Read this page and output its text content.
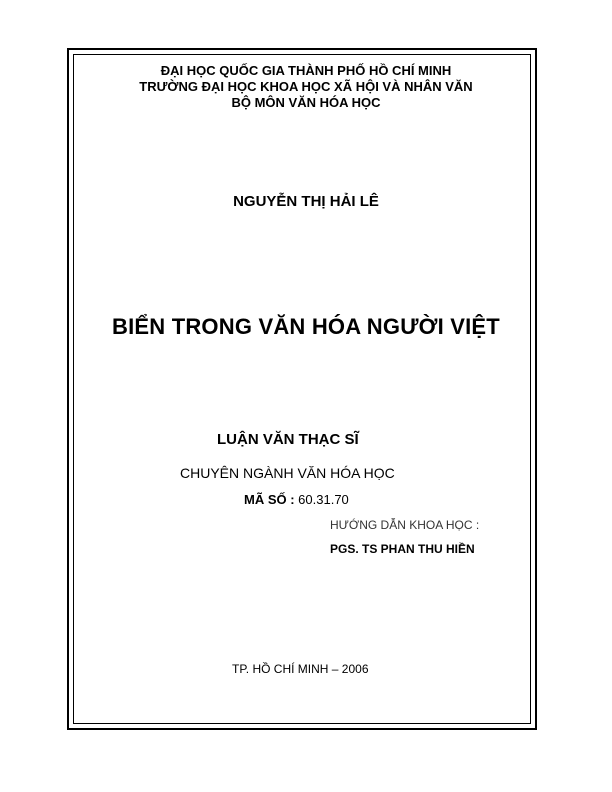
ĐẠI HỌC QUỐC GIA THÀNH PHỐ HỒ CHÍ MINH
TRƯỜNG ĐẠI HỌC KHOA HỌC XÃ HỘI VÀ NHÂN VĂN
BỘ MÔN VĂN HÓA HỌC
NGUYỄN THỊ HẢI LÊ
BIỂN TRONG VĂN HÓA NGƯỜI VIỆT
LUẬN VĂN THẠC SĨ
CHUYÊN NGÀNH VĂN HÓA HỌC
MÃ SỐ : 60.31.70
HƯỚNG DẪN KHOA HỌC :
PGS. TS PHAN THU HIỀN
TP. HỒ CHÍ MINH – 2006
